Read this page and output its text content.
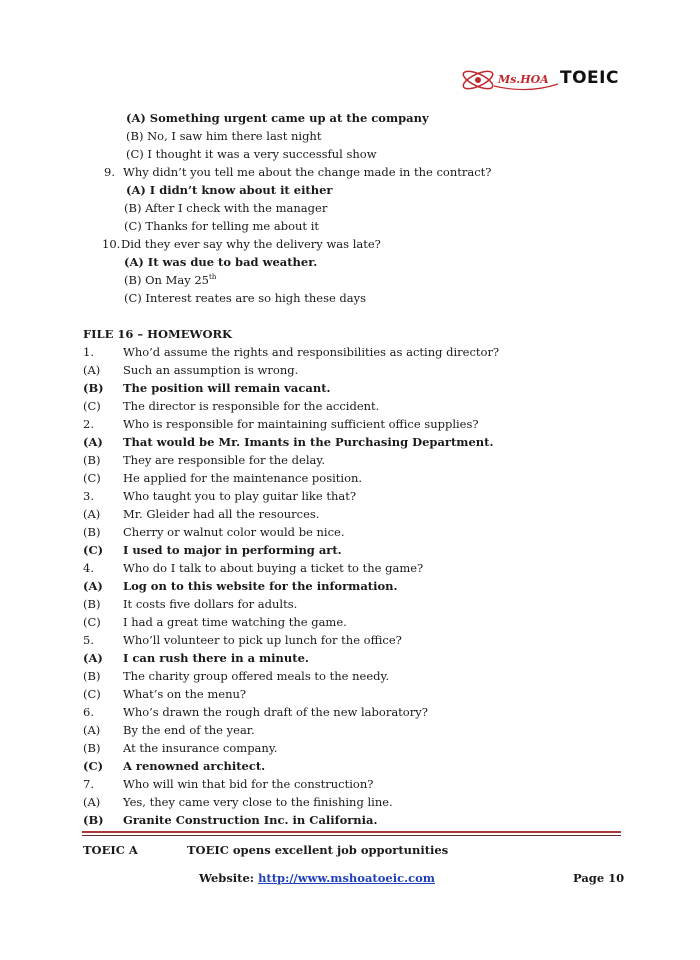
Ms.HOA TOEIC
(A) Something urgent came up at the company
(B) No, I saw him there last night
(C) I thought it was a very successful show
9. Why didn’t you tell me about the change made in the contract?
(A) I didn’t know about it either
(B) After I check with the manager
(C) Thanks for telling me about it
10. Did they ever say why the delivery was late?
(A) It was due to bad weather.
(B) On May 25th
(C) Interest reates are so high these days
FILE 16 – HOMEWORK
1.	Who’d assume the rights and responsibilities as acting director?
(A)	Such an assumption is wrong.
(B)	The position will remain vacant.
(C)	The director is responsible for the accident.
2.	Who is responsible for maintaining sufficient office supplies?
(A)	That would be Mr. Imants in the Purchasing Department.
(B)	They are responsible for the delay.
(C)	He applied for the maintenance position.
3.	Who taught you to play guitar like that?
(A)	Mr. Gleider had all the resources.
(B)	Cherry or walnut color would be nice.
(C)	I used to major in performing art.
4.	Who do I talk to about buying a ticket to the game?
(A)	Log on to this website for the information.
(B)	It costs five dollars for adults.
(C)	I had a great time watching the game.
5.	Who’ll volunteer to pick up lunch for the office?
(A)	I can rush there in a minute.
(B)	The charity group offered meals to the needy.
(C)	What’s on the menu?
6.	Who’s drawn the rough draft of the new laboratory?
(A)	By the end of the year.
(B)	At the insurance company.
(C)	A renowned architect.
7.	Who will win that bid for the construction?
(A)	Yes, they came very close to the finishing line.
(B)	Granite Construction Inc. in California.
TOEIC A	TOEIC opens excellent job opportunities
Website: http://www.mshoatoeic.com	Page 10
